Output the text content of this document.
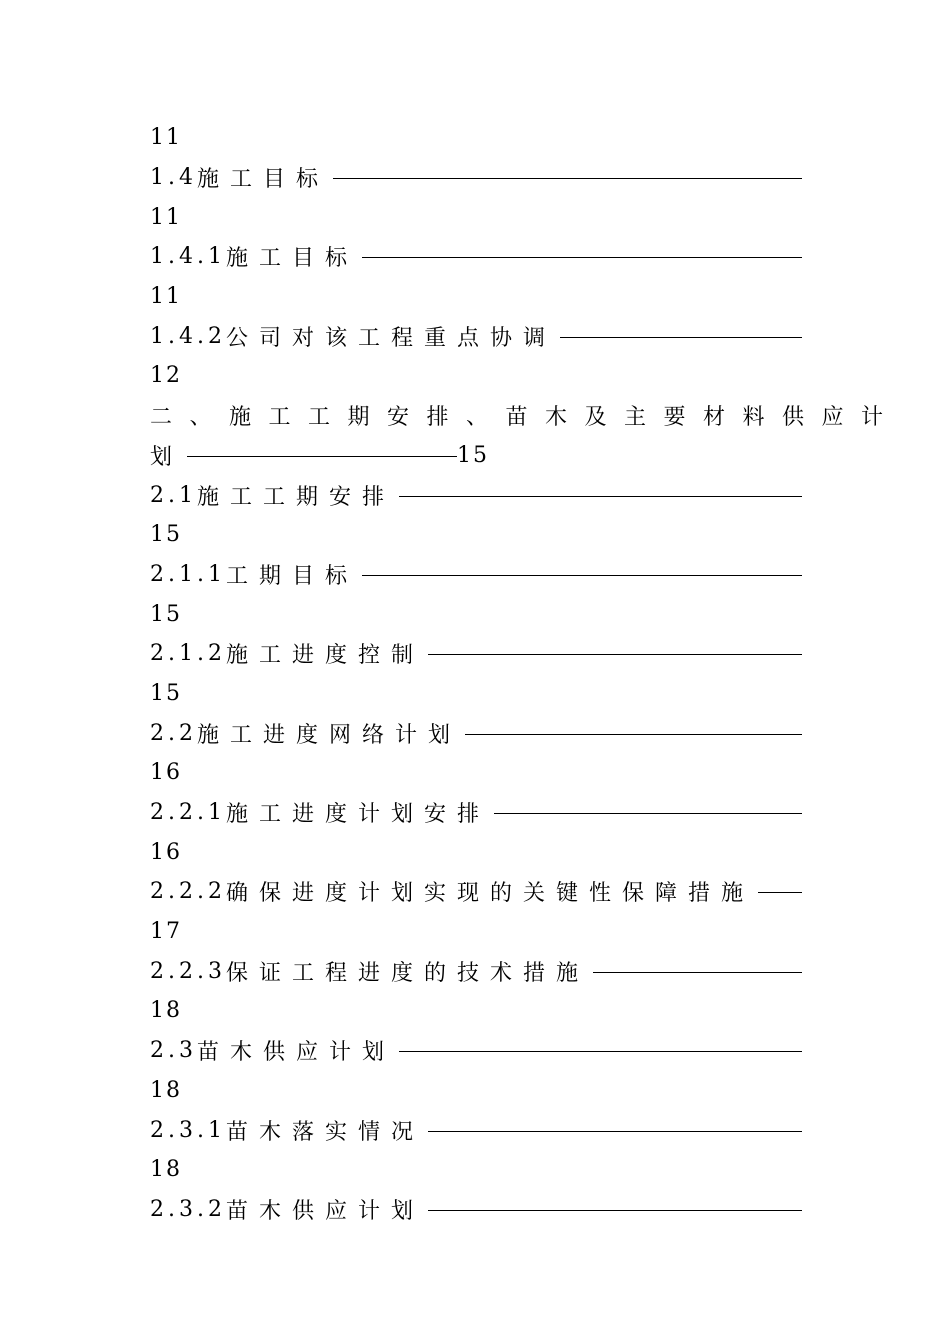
11
1.4 施工目标
11
1.4.1 施工目标
11
1.4.2 公司对该工程重点协调
12
二、施工工期安排、苗木及主要材料供应计
划	15
2.1 施工工期安排
15
2.1.1 工期目标
15
2.1.2 施工进度控制
15
2.2 施工进度网络计划
16
2.2.1 施工进度计划安排
16
2.2.2 确保进度计划实现的关键性保障措施
17
2.2.3 保证工程进度的技术措施
18
2.3 苗木供应计划
18
2.3.1 苗木落实情况
18
2.3.2 苗木供应计划
